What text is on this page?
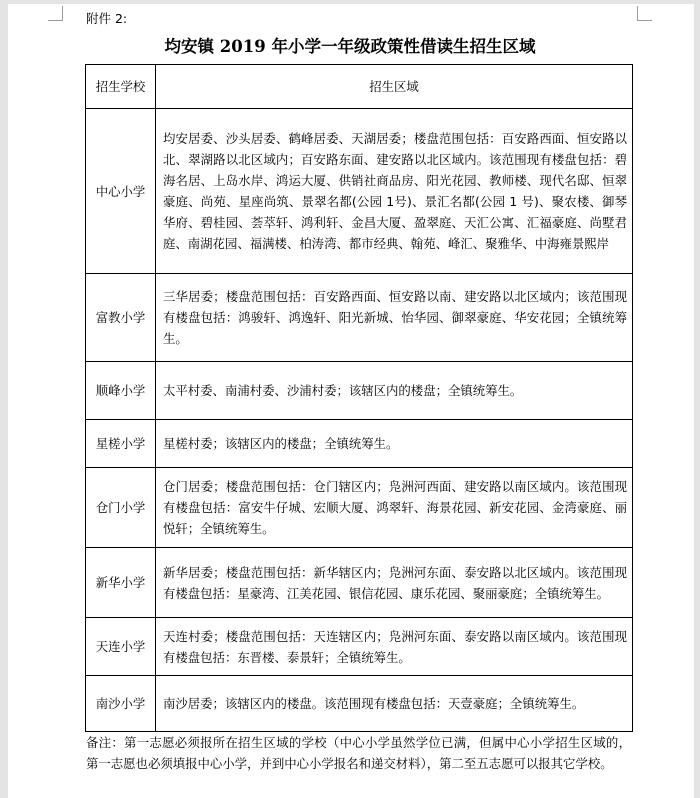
附件 2:
均安镇 2019 年小学一年级政策性借读生招生区域
招生学校	招生区域
中心小学	均安居委、沙头居委、鹤峰居委、天湖居委；楼盘范围包括：百安路西面、恒安路以北、翠湖路以北区域内；百安路东面、建安路以北区域内。该范围现有楼盘包括：碧海名居、上岛水岸、鸿运大厦、供销社商品房、阳光花园、教师楼、现代名邸、恒翠豪庭、尚苑、星座尚筑、景翠名都(公园 1号)、景汇名都(公园 1 号)、聚农楼、御琴华府、碧桂园、荟萃轩、鸿利轩、金昌大厦、盈翠庭、天汇公寓、汇福豪庭、尚墅君庭、南湖花园、福满楼、柏涛湾、都市经典、翰苑、峰汇、聚雅华、中海雍景熙岸
富教小学	三华居委；楼盘范围包括：百安路西面、恒安路以南、建安路以北区域内；该范围现有楼盘包括：鸿骏轩、鸿逸轩、阳光新城、怡华园、御翠豪庭、华安花园；全镇统筹生。
顺峰小学	太平村委、南浦村委、沙浦村委；该辖区内的楼盘；全镇统筹生。
星槎小学	星槎村委；该辖区内的楼盘；全镇统筹生。
仓门小学	仓门居委；楼盘范围包括：仓门辖区内；凫洲河西面、建安路以南区域内。该范围现有楼盘包括：富安牛仔城、宏顺大厦、鸿翠轩、海景花园、新安花园、金湾豪庭、丽悦轩；全镇统筹生。
新华小学	新华居委；楼盘范围包括：新华辖区内；凫洲河东面、泰安路以北区域内。该范围现有楼盘包括：星豪湾、江美花园、银信花园、康乐花园、聚丽豪庭；全镇统筹生。
天连小学	天连村委；楼盘范围包括：天连辖区内；凫洲河东面、泰安路以南区域内。该范围现有楼盘包括：东晋楼、泰景轩；全镇统筹生。
南沙小学	南沙居委；该辖区内的楼盘。该范围现有楼盘包括：天壹豪庭；全镇统筹生。
备注：第一志愿必须报所在招生区域的学校（中心小学虽然学位已满，但属中心小学招生区域的，第一志愿也必须填报中心小学，并到中心小学报名和递交材料），第二至五志愿可以报其它学校。
